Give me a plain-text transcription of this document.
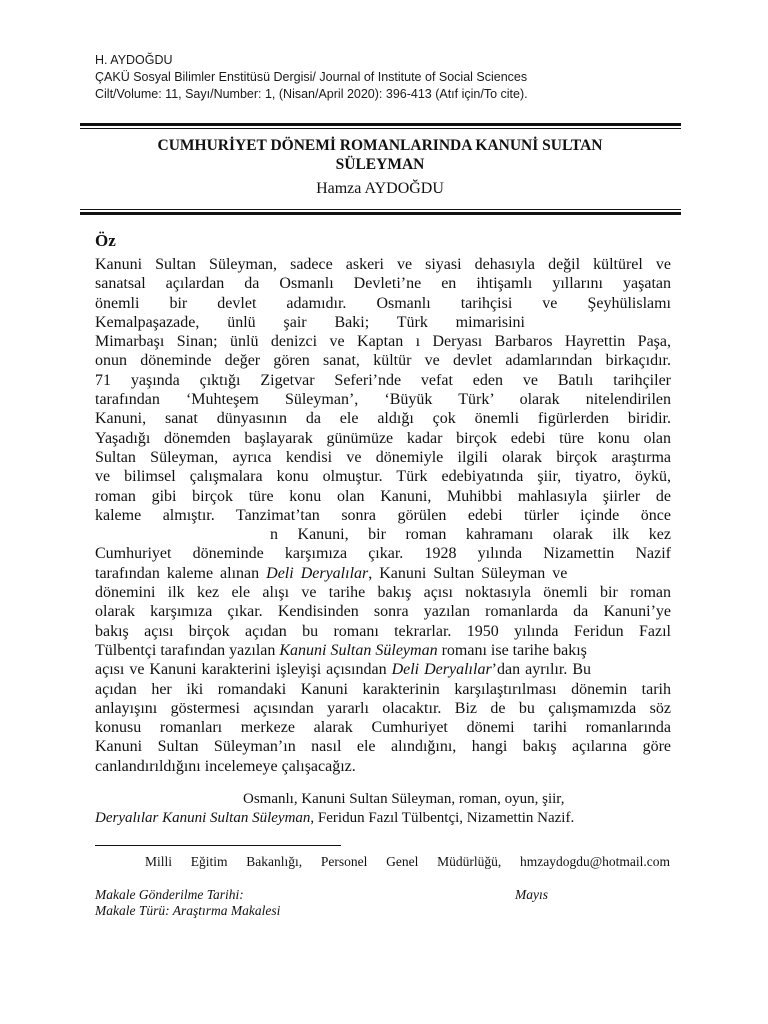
H. AYDOĞDU
ÇAKÜ Sosyal Bilimler Enstitüsü Dergisi/ Journal of Institute of Social Sciences
Cilt/Volume: 11, Sayı/Number: 1, (Nisan/April 2020): 396-413 (Atıf için/To cite).
CUMHURİYET DÖNEMİ ROMANLARINDA KANUNİ SULTAN
SÜLEYMAN
Hamza AYDOĞDU
Öz
Kanuni Sultan Süleyman, sadece askeri ve siyasi dehasıyla değil kültürel ve
sanatsal açılardan da Osmanlı Devleti’ne en ihtişamlı yıllarını yaşatan
önemli bir devlet adamıdır. Osmanlı tarihçisi ve Şeyhülislamı
Kemalpaşazade, ünlü şair Baki; Türk mimarisini
Mimarbaşı Sinan; ünlü denizci ve Kaptan ı Deryası Barbaros Hayrettin Paşa,
onun döneminde değer gören sanat, kültür ve devlet adamlarından birkaçıdır.
71 yaşında çıktığı Zigetvar Seferi’nde vefat eden ve Batılı tarihçiler
tarafından ‘Muhteşem Süleyman’, ‘Büyük Türk’ olarak nitelendirilen
Kanuni, sanat dünyasının da ele aldığı çok önemli figürlerden biridir.
Yaşadığı dönemden başlayarak günümüze kadar birçok edebi türe konu olan
Sultan Süleyman, ayrıca kendisi ve dönemiyle ilgili olarak birçok araştırma
ve bilimsel çalışmalara konu olmuştur. Türk edebiyatında şiir, tiyatro, öykü,
roman gibi birçok türe konu olan Kanuni, Muhibbi mahlasıyla şiirler de
kaleme almıştır. Tanzimat’tan sonra görülen edebi türler içinde önce
n Kanuni, bir roman kahramanı olarak ilk kez
Cumhuriyet döneminde karşımıza çıkar. 1928 yılında Nizamettin Nazif
tarafından kaleme alınan Deli Deryalılar, Kanuni Sultan Süleyman ve
dönemini ilk kez ele alışı ve tarihe bakış açısı noktasıyla önemli bir roman
olarak karşımıza çıkar. Kendisinden sonra yazılan romanlarda da Kanuni’ye
bakış açısı birçok açıdan bu romanı tekrarlar. 1950 yılında Feridun Fazıl
Tülbentçi tarafından yazılan Kanuni Sultan Süleyman romanı ise tarihe bakış
açısı ve Kanuni karakterini işleyişi açısından Deli Deryalılar’dan ayrılır. Bu
açıdan her iki romandaki Kanuni karakterinin karşılaştırılması dönemin tarih
anlayışını göstermesi açısından yararlı olacaktır. Biz de bu çalışmamızda söz
konusu romanları merkeze alarak Cumhuriyet dönemi tarihi romanlarında
Kanuni Sultan Süleyman’ın nasıl ele alındığını, hangi bakış açılarına göre
canlandırıldığını incelemeye çalışacağız.
Osmanlı, Kanuni Sultan Süleyman, roman, oyun, şiir,
Deryalılar Kanuni Sultan Süleyman, Feridun Fazıl Tülbentçi, Nizamettin Nazif.
Milli Eğitim Bakanlığı, Personel Genel Müdürlüğü, hmzaydogdu@hotmail.com
Makale Gönderilme Tarihi:	Mayıs
Makale Türü: Araştırma Makalesi
